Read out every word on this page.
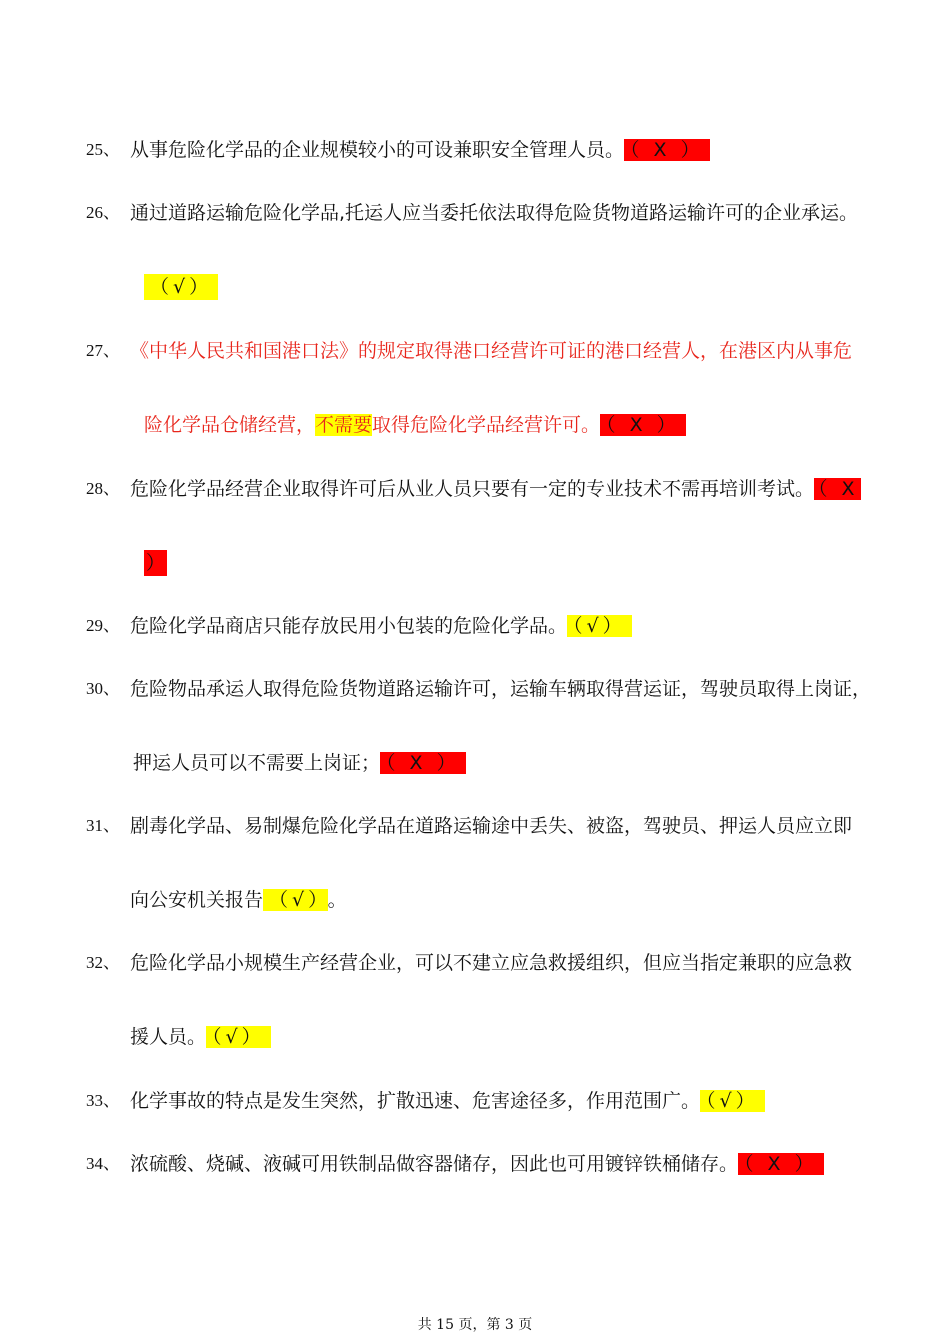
25、 从事危险化学品的企业规模较小的可设兼职安全管理人员。 （ X ）
26、 通过道路运输危险化学品,托运人应当委托依法取得危险货物道路运输许可的企业承运。
（√）
27、 《中华人民共和国港口法》的规定取得港口经营许可证的港口经营人，在港区内从事危
险化学品仓储经营，不需要取得危险化学品经营许可。 （ X ）
28、 危险化学品经营企业取得许可后从业人员只要有一定的专业技术不需再培训考试。 （ X
）
29、 危险化学品商店只能存放民用小包装的危险化学品。 （√）
30、 危险物品承运人取得危险货物道路运输许可，运输车辆取得营运证，驾驶员取得上岗证，
押运人员可以不需要上岗证； （ X ）
31、 剧毒化学品、易制爆危险化学品在道路运输途中丢失、被盗，驾驶员、押运人员应立即
向公安机关报告 （√） 。
32、 危险化学品小规模生产经营企业，可以不建立应急救援组织，但应当指定兼职的应急救
援人员。 （√）
33、 化学事故的特点是发生突然，扩散迅速、危害途径多，作用范围广。 （√）
34、 浓硫酸、烧碱、液碱可用铁制品做容器储存，因此也可用镀锌铁桶储存。 （ X ）
共 15 页，第 3 页
